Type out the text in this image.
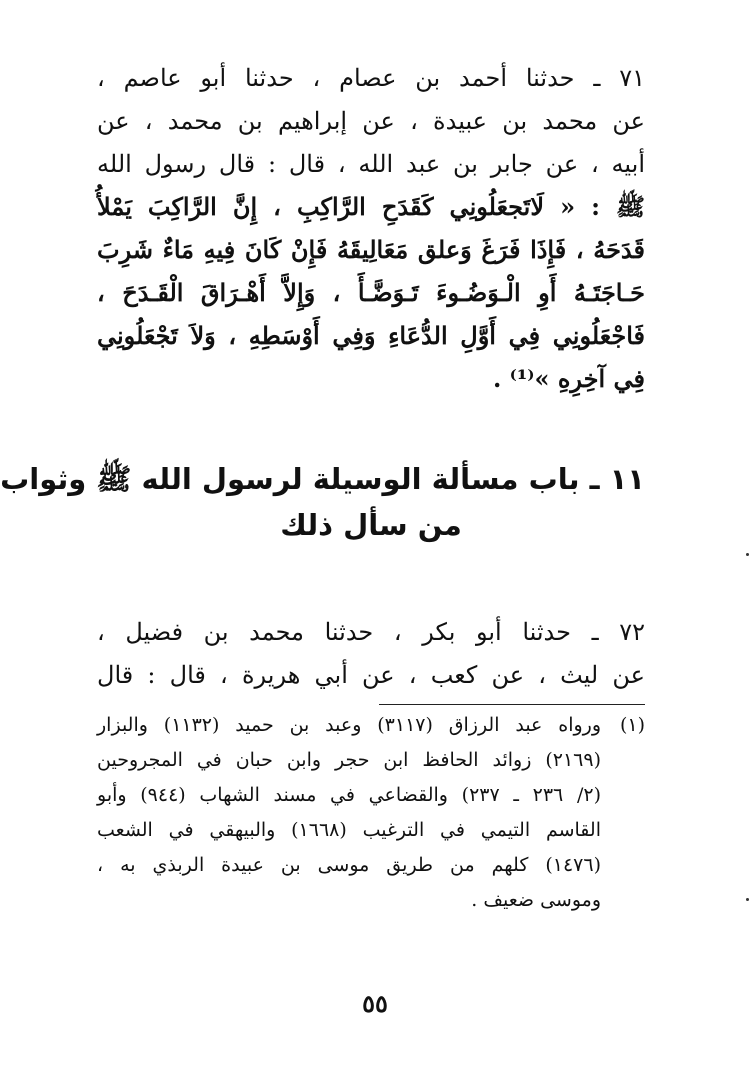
٧١ ـ حدثنا أحمد بن عصام ، حدثنا أبو عاصم ،
عن محمد بن عبيدة ، عن إبراهيم بن محمد ، عن
أبيه ، عن جابر بن عبد الله ، قال : قال رسول الله
ﷺ : « لَاتَجعَلُونِي كَقَدَحِ الرَّاكِبِ ، إِنَّ الرَّاكِبَ يَمْلأُ
قَدَحَهُ ، فَإِذَا فَرَغَ وَعلق مَعَالِيقَهُ فَإِنْ كَانَ فِيهِ مَاءٌ شَرِبَ
حَـاجَتَـهُ أَوِ الْـوَضُـوءَ تَـوَضَّـأَ ، وَإِلاَّ أَهْـرَاقَ الْقَـدَحَ ،
فَاجْعَلُونِي فِي أَوَّلِ الدُّعَاءِ وَفِي أَوْسَطِهِ ، وَلاَ تَجْعَلُونِي
فِي آخِرِهِ »⁽¹⁾ .
١١ ـ باب مسألة الوسيلة لرسول الله ﷺ وثواب
من سأل ذلك
٧٢ ـ حدثنا أبو بكر ، حدثنا محمد بن فضيل ،
عن ليث ، عن كعب ، عن أبي هريرة ، قال : قال
(١)
ورواه عبد الرزاق (٣١١٧) وعبد بن حميد (١١٣٢) والبزار
(٢١٦٩) زوائد الحافظ ابن حجر وابن حبان في المجروحين
(٢/ ٢٣٦ ـ ٢٣٧) والقضاعي في مسند الشهاب (٩٤٤) وأبو
القاسم التيمي في الترغيب (١٦٦٨) والبيهقي في الشعب
(١٤٧٦) كلهم من طريق موسى بن عبيدة الربذي به ،
وموسى ضعيف .
٥٥
